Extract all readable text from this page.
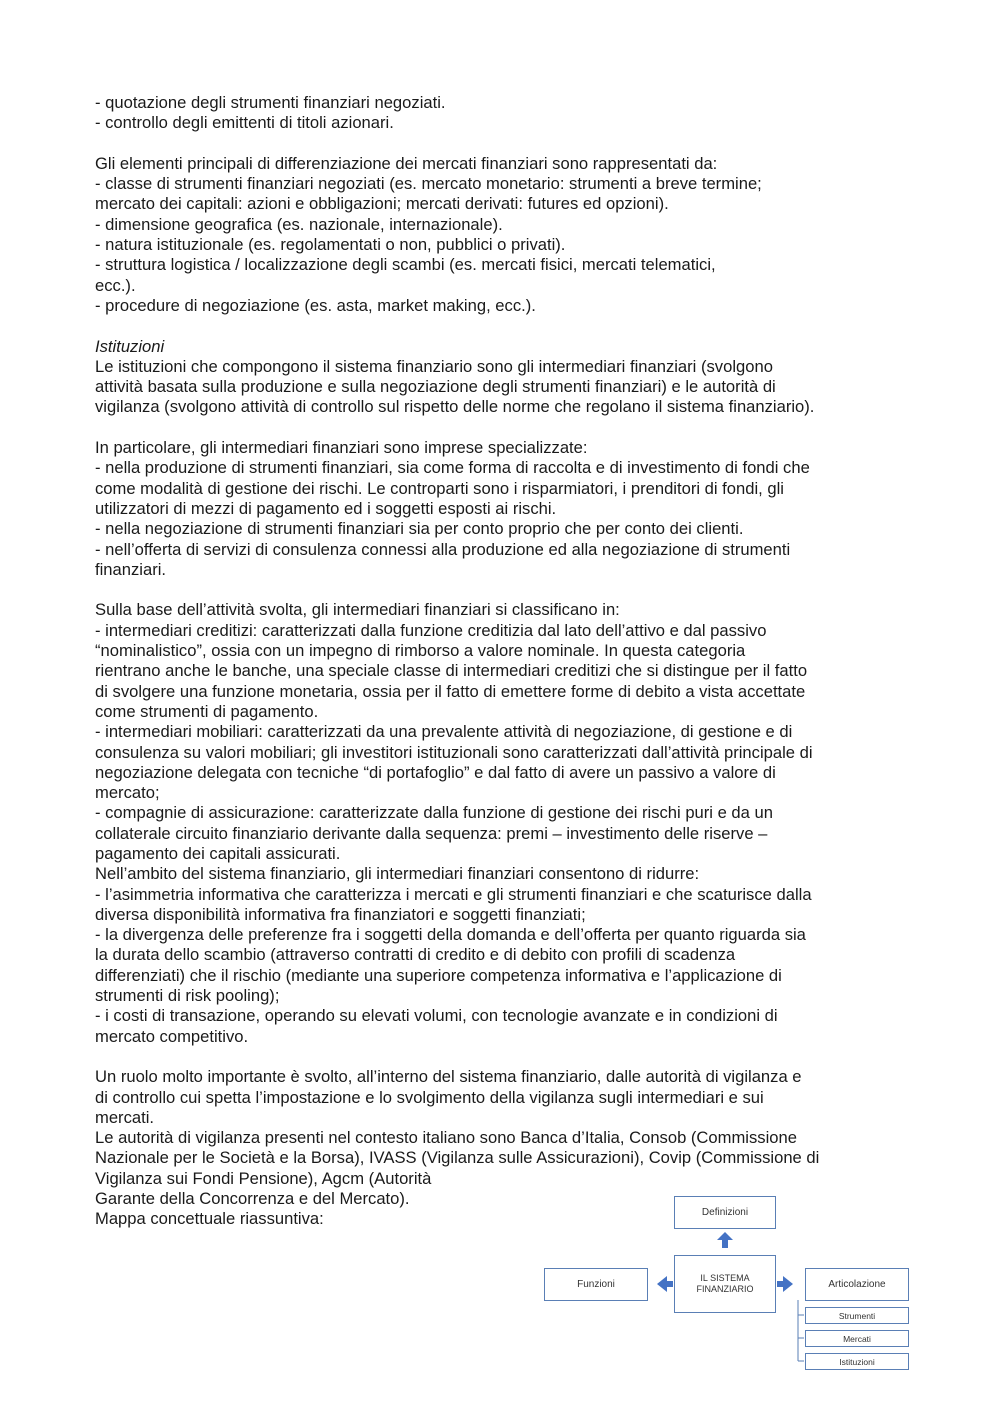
- quotazione degli strumenti finanziari negoziati.

- controllo degli emittenti di titoli azionari.

Gli elementi principali di differenziazione dei mercati finanziari sono rappresentati da:

- classe di strumenti finanziari negoziati (es. mercato monetario: strumenti a breve termine;

mercato dei capitali: azioni e obbligazioni; mercati derivati: futures ed opzioni).

- dimensione geografica (es. nazionale, internazionale).

- natura istituzionale (es. regolamentati o non, pubblici o privati).

- struttura logistica / localizzazione degli scambi (es. mercati fisici, mercati telematici,

ecc.).

- procedure di negoziazione (es. asta, market making, ecc.).

Istituzioni

Le istituzioni che compongono il sistema finanziario sono gli intermediari finanziari (svolgono

attività basata sulla produzione e sulla negoziazione degli strumenti finanziari) e le autorità di

vigilanza (svolgono attività di controllo sul rispetto delle norme che regolano il sistema finanziario).

In particolare, gli intermediari finanziari sono imprese specializzate:

- nella produzione di strumenti finanziari, sia come forma di raccolta e di investimento di fondi che

come modalità di gestione dei rischi. Le controparti sono i risparmiatori, i prenditori di fondi, gli

utilizzatori di mezzi di pagamento ed i soggetti esposti ai rischi.

- nella negoziazione di strumenti finanziari sia per conto proprio che per conto dei clienti.

- nell’offerta di servizi di consulenza connessi alla produzione ed alla negoziazione di strumenti

finanziari.

Sulla base dell’attività svolta, gli intermediari finanziari si classificano in:

- intermediari creditizi: caratterizzati dalla funzione creditizia dal lato dell’attivo e dal passivo

“nominalistico”, ossia con un impegno di rimborso a valore nominale. In questa categoria

rientrano anche le banche, una speciale classe di intermediari creditizi che si distingue per il fatto

di svolgere una funzione monetaria, ossia per il fatto di emettere forme di debito a vista accettate

come strumenti di pagamento.

- intermediari mobiliari: caratterizzati da una prevalente attività di negoziazione, di gestione e di

consulenza su valori mobiliari; gli investitori istituzionali sono caratterizzati dall’attività principale di

negoziazione delegata con tecniche “di portafoglio” e dal fatto di avere un passivo a valore di

mercato;

- compagnie di assicurazione: caratterizzate dalla funzione di gestione dei rischi puri e da un

collaterale circuito finanziario derivante dalla sequenza: premi – investimento delle riserve –

pagamento dei capitali assicurati.

Nell’ambito del sistema finanziario, gli intermediari finanziari consentono di ridurre:

- l’asimmetria informativa che caratterizza i mercati e gli strumenti finanziari e che scaturisce dalla

diversa disponibilità informativa fra finanziatori e soggetti finanziati;

- la divergenza delle preferenze fra i soggetti della domanda e dell’offerta per quanto riguarda sia

la durata dello scambio (attraverso contratti di credito e di debito con profili di scadenza

differenziati) che il rischio (mediante una superiore competenza informativa e l’applicazione di

strumenti di risk pooling);

- i costi di transazione, operando su elevati volumi, con tecnologie avanzate e in condizioni di

mercato competitivo.

Un ruolo molto importante è svolto, all’interno del sistema finanziario, dalle autorità di vigilanza e

di controllo cui spetta l’impostazione e lo svolgimento della vigilanza sugli intermediari e sui

mercati.

Le autorità di vigilanza presenti nel contesto italiano sono Banca d’Italia, Consob (Commissione

Nazionale per le Società e la Borsa), IVASS (Vigilanza sulle Assicurazioni), Covip (Commissione di

Vigilanza sui Fondi Pensione), Agcm (Autorità

Garante della Concorrenza e del Mercato).

Mappa concettuale riassuntiva:	Definizioni
IL SISTEMA
FINANZIARIO
Funzioni	Articolazione
Strumenti
Mercati
Istituzioni
